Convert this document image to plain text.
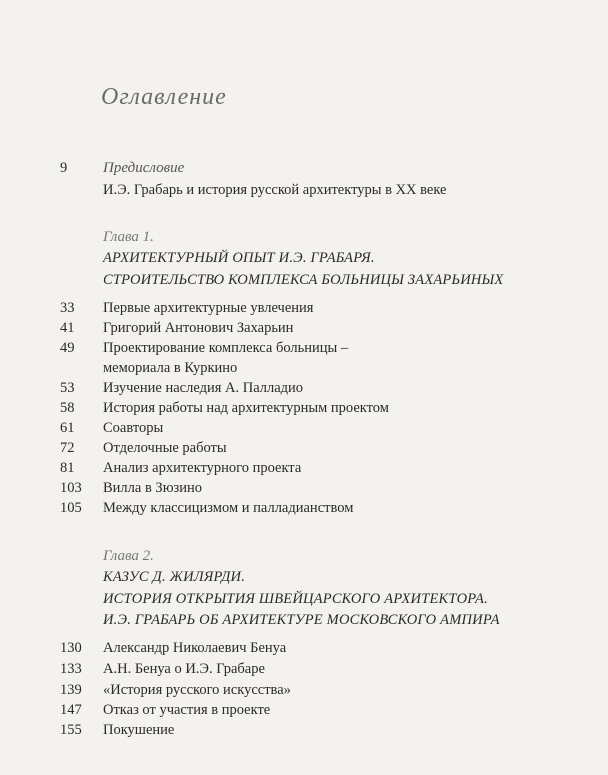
Оглавление
9	Предисловие
И.Э. Грабарь и история русской архитектуры в XX веке
Глава 1.
АРХИТЕКТУРНЫЙ ОПЫТ И.Э. ГРАБАРЯ.
СТРОИТЕЛЬСТВО КОМПЛЕКСА БОЛЬНИЦЫ ЗАХАРЬИНЫХ
33	Первые архитектурные увлечения
41	Григорий Антонович Захарьин
49	Проектирование комплекса больницы –
мемориала в Куркино
53	Изучение наследия А. Палладио
58	История работы над архитектурным проектом
61	Соавторы
72	Отделочные работы
81	Анализ архитектурного проекта
103	Вилла в Зюзино
105	Между классицизмом и палладианством
Глава 2.
КАЗУС Д. ЖИЛЯРДИ.
ИСТОРИЯ ОТКРЫТИЯ ШВЕЙЦАРСКОГО АРХИТЕКТОРА.
И.Э. ГРАБАРЬ ОБ АРХИТЕКТУРЕ МОСКОВСКОГО АМПИРА
130	Александр Николаевич Бенуа
133	А.Н. Бенуа о И.Э. Грабаре
139	«История русского искусства»
147	Отказ от участия в проекте
155	Покушение
